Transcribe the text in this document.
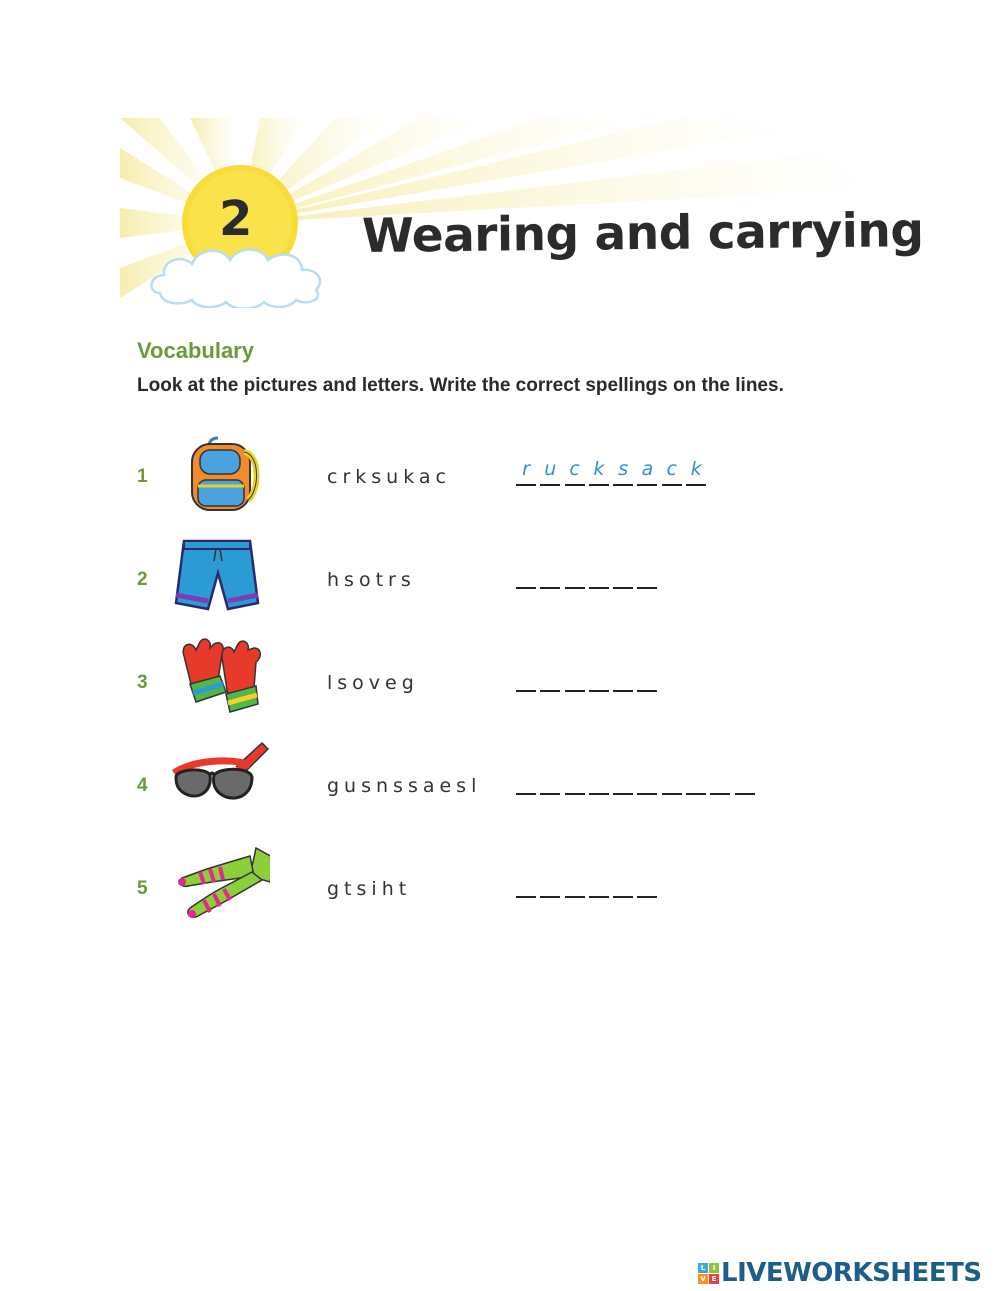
2 Wearing and carrying
Vocabulary
Look at the pictures and letters. Write the correct spellings on the lines.
1	crksukac	r u c k s a c k
2	hsotrs
3	lsoveg
4	gusnssaesl
5	gtsiht
L	I
V E LIVEWORKSHEETS
